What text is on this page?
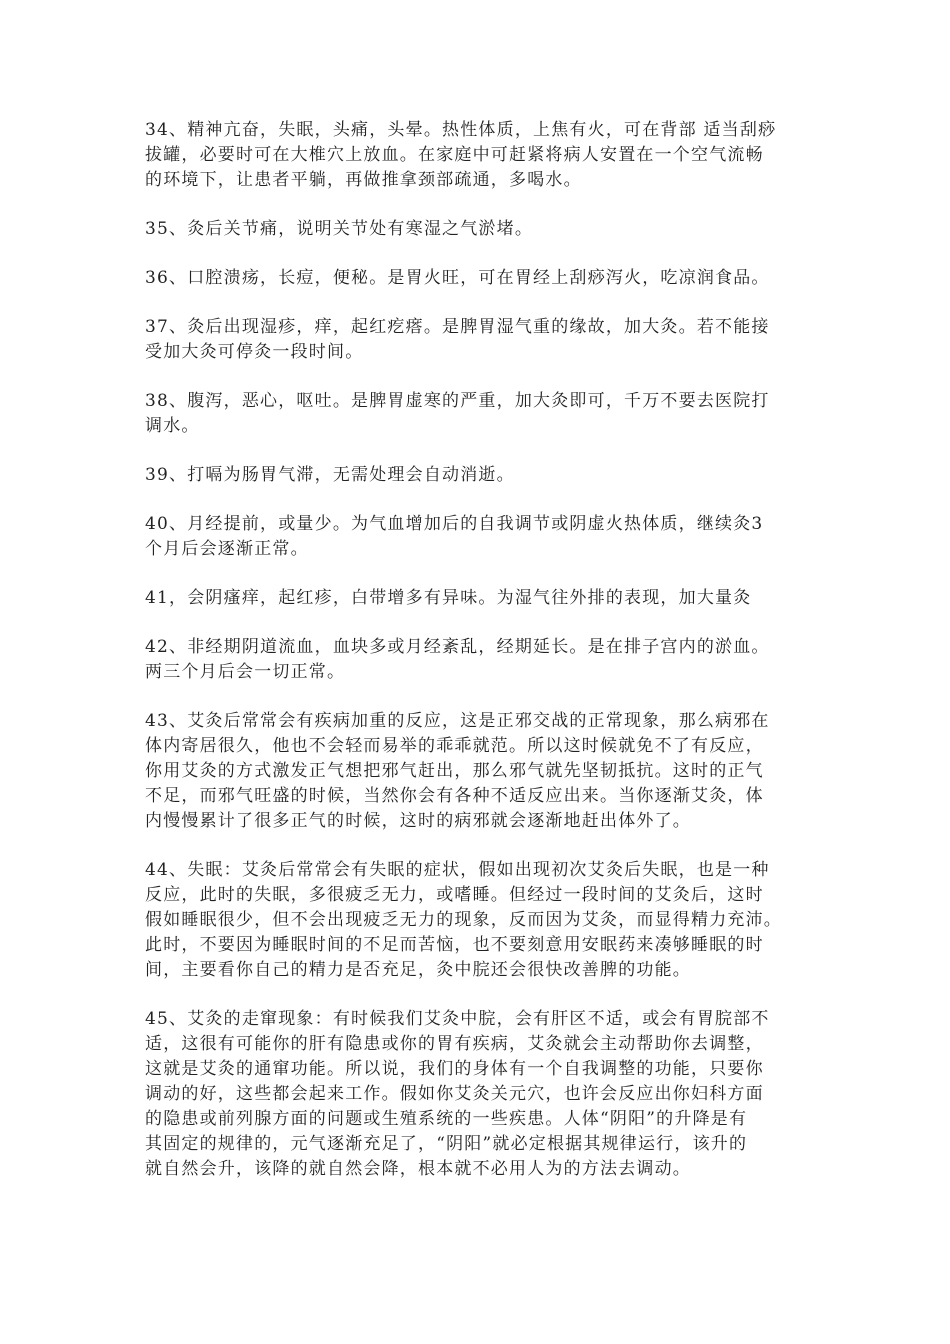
34、精神亢奋，失眠，头痛，头晕。热性体质，上焦有火，可在背部 适当刮痧
拔罐，必要时可在大椎穴上放血。在家庭中可赶紧将病人安置在一个空气流畅
的环境下，让患者平躺，再做推拿颈部疏通，多喝水。
35、灸后关节痛，说明关节处有寒湿之气淤堵。
36、口腔溃疡，长痘，便秘。是胃火旺，可在胃经上刮痧泻火，吃凉润食品。
37、灸后出现湿疹，痒，起红疙瘩。是脾胃湿气重的缘故，加大灸。若不能接
受加大灸可停灸一段时间。
38、腹泻，恶心，呕吐。是脾胃虚寒的严重，加大灸即可，千万不要去医院打
调水。
39、打嗝为肠胃气滞，无需处理会自动消逝。
40、月经提前，或量少。为气血增加后的自我调节或阴虚火热体质，继续灸3
个月后会逐渐正常。
41，会阴瘙痒，起红疹，白带增多有异味。为湿气往外排的表现，加大量灸
42、非经期阴道流血，血块多或月经紊乱，经期延长。是在排子宫内的淤血。
两三个月后会一切正常。
43、艾灸后常常会有疾病加重的反应，这是正邪交战的正常现象，那么病邪在
体内寄居很久，他也不会轻而易举的乖乖就范。所以这时候就免不了有反应，
你用艾灸的方式激发正气想把邪气赶出，那么邪气就先坚韧抵抗。这时的正气
不足，而邪气旺盛的时候，当然你会有各种不适反应出来。当你逐渐艾灸，体
内慢慢累计了很多正气的时候，这时的病邪就会逐渐地赶出体外了。
44、失眠：艾灸后常常会有失眠的症状，假如出现初次艾灸后失眠，也是一种
反应，此时的失眠，多很疲乏无力，或嗜睡。但经过一段时间的艾灸后，这时
假如睡眠很少，但不会出现疲乏无力的现象，反而因为艾灸，而显得精力充沛。
此时，不要因为睡眠时间的不足而苦恼，也不要刻意用安眠药来凑够睡眠的时
间，主要看你自己的精力是否充足，灸中脘还会很快改善脾的功能。
45、艾灸的走窜现象：有时候我们艾灸中脘，会有肝区不适，或会有胃脘部不
适，这很有可能你的肝有隐患或你的胃有疾病，艾灸就会主动帮助你去调整，
这就是艾灸的通窜功能。所以说，我们的身体有一个自我调整的功能，只要你
调动的好，这些都会起来工作。假如你艾灸关元穴，也许会反应出你妇科方面
的隐患或前列腺方面的问题或生殖系统的一些疾患。人体“阴阳”的升降是有
其固定的规律的，元气逐渐充足了，“阴阳”就必定根据其规律运行，该升的
就自然会升，该降的就自然会降，根本就不必用人为的方法去调动。
